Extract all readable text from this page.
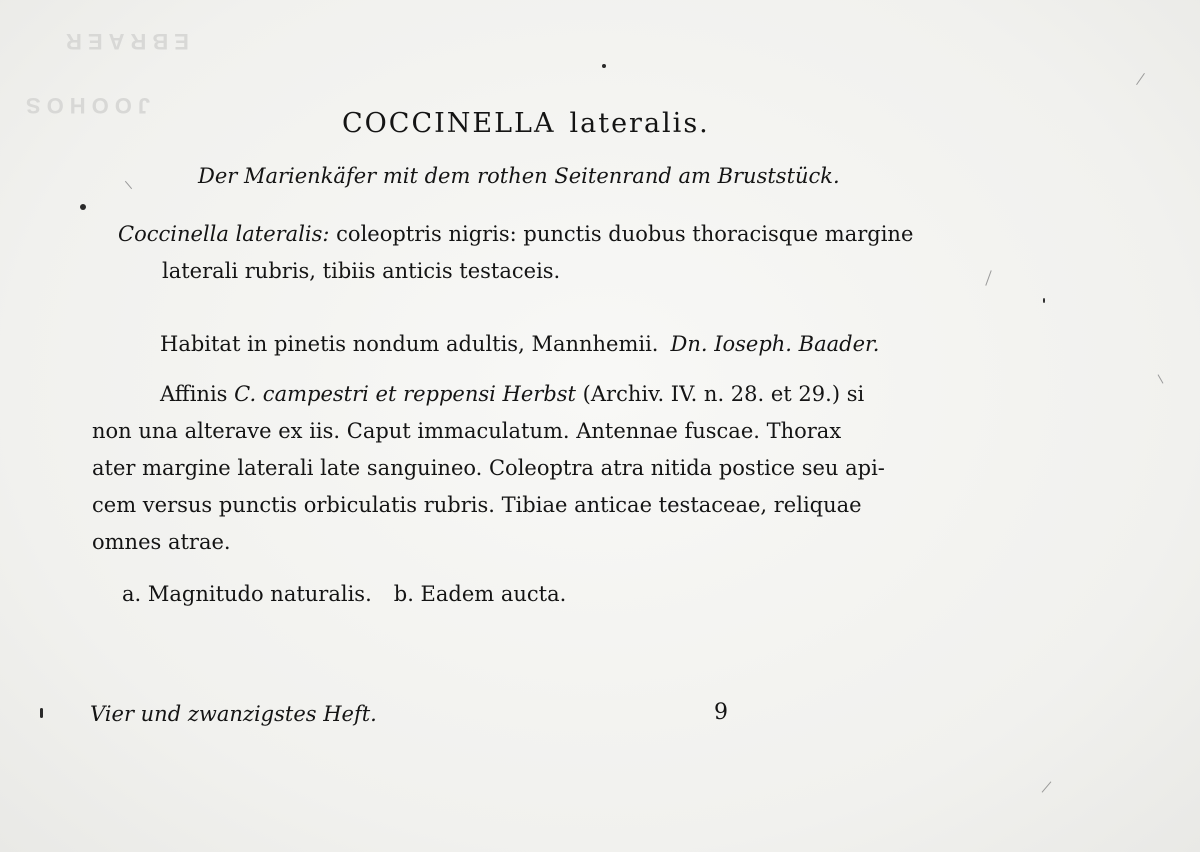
EBRAER
JOOHOS
COCCINELLA lateralis.
Der Marienkäfer mit dem rothen Seitenrand am Bruststück.
Coccinella lateralis: coleoptris nigris: punctis duobus thoracisque margine
laterali rubris, tibiis anticis testaceis.
Habitat in pinetis nondum adultis, Mannhemii. Dn. Ioseph. Baader.
Affinis C. campestri et reppensi Herbst (Archiv. IV. n. 28. et 29.) si
non una alterave ex iis. Caput immaculatum. Antennae fuscae. Thorax
ater margine laterali late sanguineo. Coleoptra atra nitida postice seu api-
cem versus punctis orbiculatis rubris. Tibiae anticae testaceae, reliquae
omnes atrae.
a. Magnitudo naturalis. b. Eadem aucta.
Vier und zwanzigstes Heft.	9
